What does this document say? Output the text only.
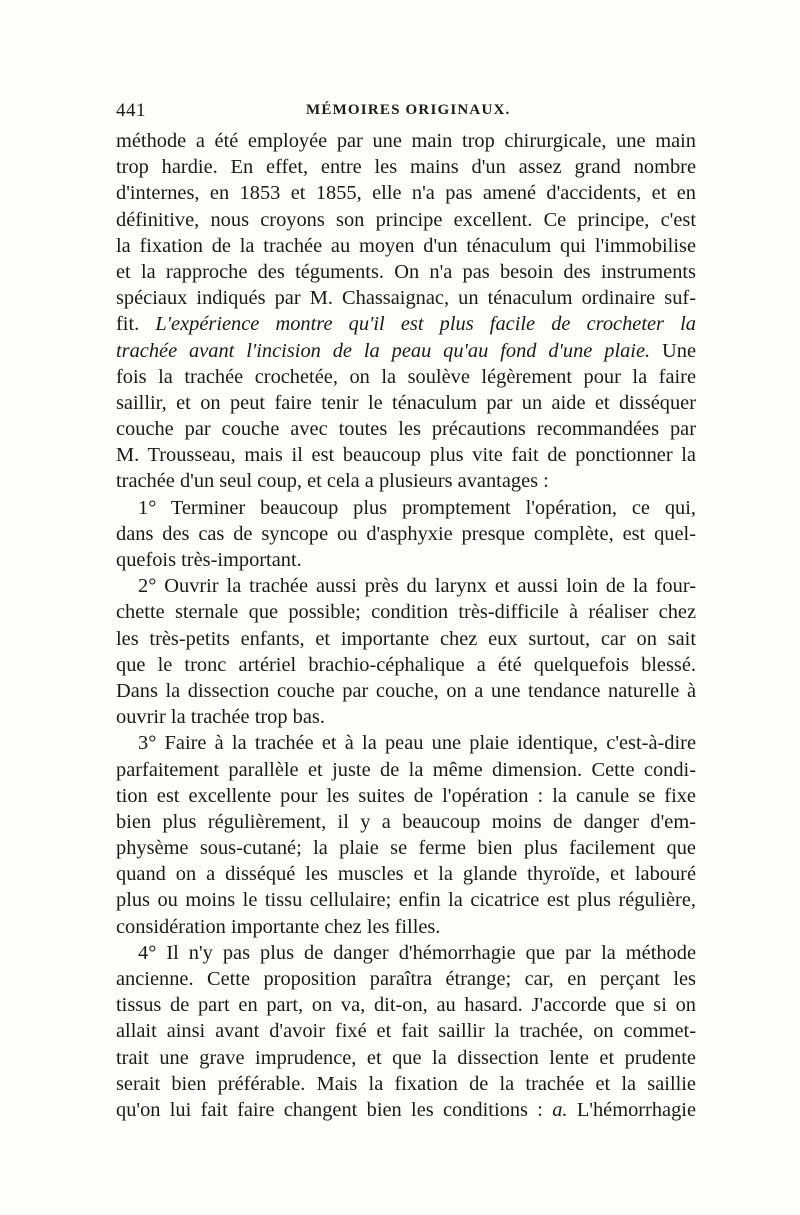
441	MÉMOIRES ORIGINAUX.
méthode a été employée par une main trop chirurgicale, une main
trop hardie. En effet, entre les mains d'un assez grand nombre
d'internes, en 1853 et 1855, elle n'a pas amené d'accidents, et en
définitive, nous croyons son principe excellent. Ce principe, c'est
la fixation de la trachée au moyen d'un ténaculum qui l'immobilise
et la rapproche des téguments. On n'a pas besoin des instruments
spéciaux indiqués par M. Chassaignac, un ténaculum ordinaire suf-
fit. L'expérience montre qu'il est plus facile de crocheter la
trachée avant l'incision de la peau qu'au fond d'une plaie. Une
fois la trachée crochetée, on la soulève légèrement pour la faire
saillir, et on peut faire tenir le ténaculum par un aide et disséquer
couche par couche avec toutes les précautions recommandées par
M. Trousseau, mais il est beaucoup plus vite fait de ponctionner la
trachée d'un seul coup, et cela a plusieurs avantages :
1° Terminer beaucoup plus promptement l'opération, ce qui,
dans des cas de syncope ou d'asphyxie presque complète, est quel-
quefois très-important.
2° Ouvrir la trachée aussi près du larynx et aussi loin de la four-
chette sternale que possible; condition très-difficile à réaliser chez
les très-petits enfants, et importante chez eux surtout, car on sait
que le tronc artériel brachio-céphalique a été quelquefois blessé.
Dans la dissection couche par couche, on a une tendance naturelle à
ouvrir la trachée trop bas.
3° Faire à la trachée et à la peau une plaie identique, c'est-à-dire
parfaitement parallèle et juste de la même dimension. Cette condi-
tion est excellente pour les suites de l'opération : la canule se fixe
bien plus régulièrement, il y a beaucoup moins de danger d'em-
physème sous-cutané; la plaie se ferme bien plus facilement que
quand on a disséqué les muscles et la glande thyroïde, et labouré
plus ou moins le tissu cellulaire; enfin la cicatrice est plus régulière,
considération importante chez les filles.
4° Il n'y pas plus de danger d'hémorrhagie que par la méthode
ancienne. Cette proposition paraîtra étrange; car, en perçant les
tissus de part en part, on va, dit-on, au hasard. J'accorde que si on
allait ainsi avant d'avoir fixé et fait saillir la trachée, on commet-
trait une grave imprudence, et que la dissection lente et prudente
serait bien préférable. Mais la fixation de la trachée et la saillie
qu'on lui fait faire changent bien les conditions : a. L'hémorrhagie
